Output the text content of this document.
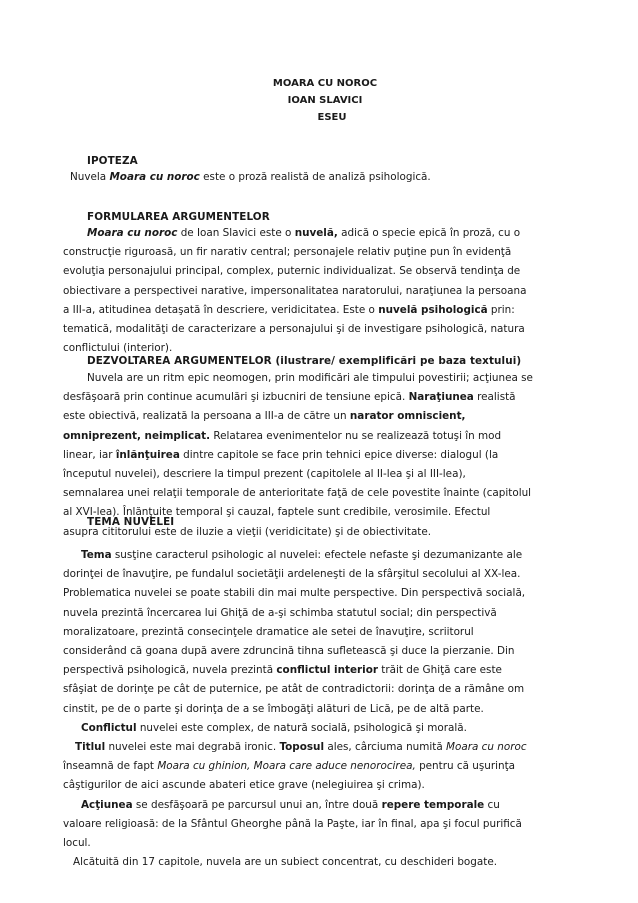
MOARA CU NOROC
IOAN SLAVICI
ESEU
IPOTEZA
Nuvela Moara cu noroc este o proză realistă de analiză psihologică.
FORMULAREA ARGUMENTELOR
Moara cu noroc de Ioan Slavici este o nuvelă, adică o specie epică în proză, cu o
construcţie riguroasă, un fir narativ central; personajele relativ puţine pun în evidenţă
evoluţia personajului principal, complex, puternic individualizat. Se observă tendinţa de
obiectivare a perspectivei narative, impersonalitatea naratorului, naraţiunea la persoana
a III-a, atitudinea detaşată în descriere, veridicitatea. Este o nuvelă psihologică prin:
tematică, modalităţi de caracterizare a personajului şi de investigare psihologică, natura
conflictului (interior).
DEZVOLTAREA ARGUMENTELOR (ilustrare/ exemplificări pe baza textului)
Nuvela are un ritm epic neomogen, prin modificări ale timpului povestirii; acţiunea se
desfăşoară prin continue acumulări şi izbucniri de tensiune epică. Naraţiunea realistă
este obiectivă, realizată la persoana a III-a de către un narator omniscient,
omniprezent, neimplicat. Relatarea evenimentelor nu se realizează totuşi în mod
linear, iar înlănţuirea dintre capitole se face prin tehnici epice diverse: dialogul (la
începutul nuvelei), descriere la timpul prezent (capitolele al II-lea şi al III-lea),
semnalarea unei relaţii temporale de anterioritate faţă de cele povestite înainte (capitolul
al XVI-lea). Înlănţuite temporal şi cauzal, faptele sunt credibile, verosimile. Efectul
asupra cititorului este de iluzie a vieţii (veridicitate) şi de obiectivitate.
TEMA NUVELEI
Tema susţine caracterul psihologic al nuvelei: efectele nefaste şi dezumanizante ale
dorinţei de înavuţire, pe fundalul societăţii ardeleneşti de la sfârşitul secolului al XX-lea.
Problematica nuvelei se poate stabili din mai multe perspective. Din perspectivă socială,
nuvela prezintă încercarea lui Ghiţă de a-şi schimba statutul social; din perspectivă
moralizatoare, prezintă consecinţele dramatice ale setei de înavuţire, scriitorul
considerând că goana după avere zdruncină tihna sufletească şi duce la pierzanie. Din
perspectivă psihologică, nuvela prezintă conflictul interior trăit de Ghiţă care este
sfâşiat de dorinţe pe cât de puternice, pe atât de contradictorii: dorinţa de a rămâne om
cinstit, pe de o parte şi dorinţa de a se îmbogăţi alături de Lică, pe de altă parte.
Conflictul nuvelei este complex, de natură socială, psihologică şi morală.
Titlul nuvelei este mai degrabă ironic. Toposul ales, cârciuma numită Moara cu noroc
înseamnă de fapt Moara cu ghinion, Moara care aduce nenorocirea, pentru că uşurinţa
câştigurilor de aici ascunde abateri etice grave (nelegiuirea şi crima).
Acţiunea se desfăşoară pe parcursul unui an, între două repere temporale cu
valoare religioasă: de la Sfântul Gheorghe până la Paşte, iar în final, apa şi focul purifică
locul.
Alcătuită din 17 capitole, nuvela are un subiect concentrat, cu deschideri bogate.
